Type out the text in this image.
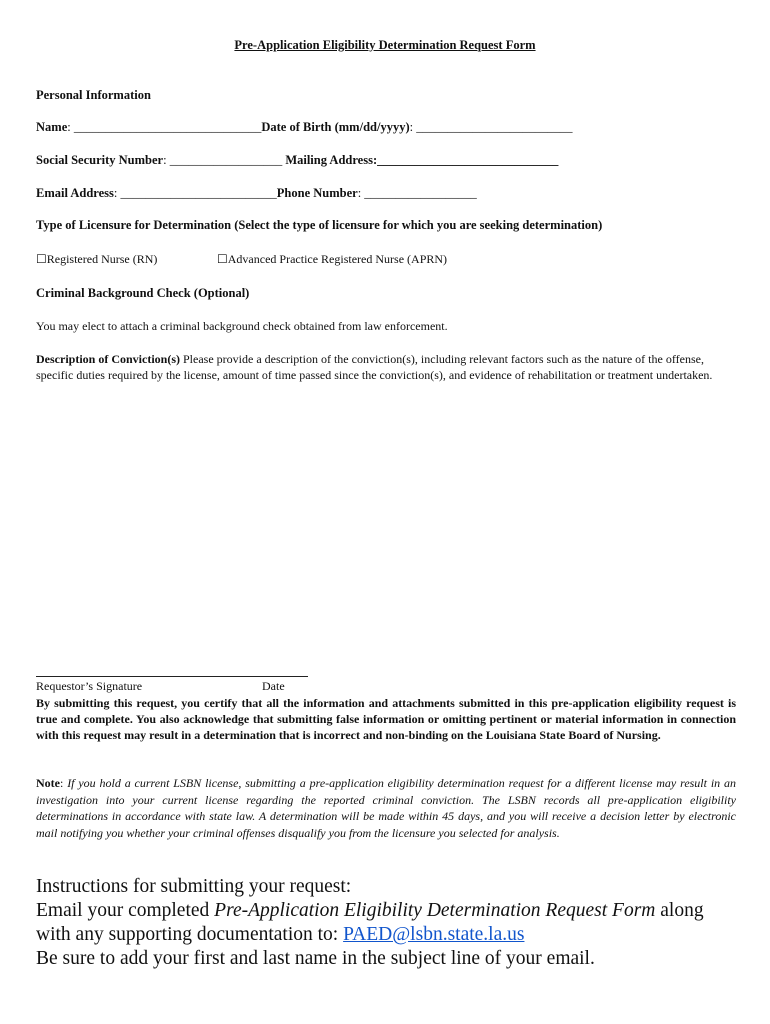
Pre-Application Eligibility Determination Request Form
Personal Information
Name: ______________________________Date of Birth (mm/dd/yyyy): _________________________
Social Security Number: __________________ Mailing Address:_____________________________
Email Address: _________________________Phone Number: __________________
Type of Licensure for Determination (Select the type of licensure for which you are seeking determination)
☐Registered Nurse (RN)	☐Advanced Practice Registered Nurse (APRN)
Criminal Background Check (Optional)
You may elect to attach a criminal background check obtained from law enforcement.
Description of Conviction(s) Please provide a description of the conviction(s), including relevant factors such as the nature of the offense, specific duties required by the license, amount of time passed since the conviction(s), and evidence of rehabilitation or treatment undertaken.
Requestor’s Signature	Date
By submitting this request, you certify that all the information and attachments submitted in this pre-application eligibility request is true and complete. You also acknowledge that submitting false information or omitting pertinent or material information in connection with this request may result in a determination that is incorrect and non-binding on the Louisiana State Board of Nursing.
Note: If you hold a current LSBN license, submitting a pre-application eligibility determination request for a different license may result in an investigation into your current license regarding the reported criminal conviction. The LSBN records all pre-application eligibility determinations in accordance with state law. A determination will be made within 45 days, and you will receive a decision letter by electronic mail notifying you whether your criminal offenses disqualify you from the licensure you selected for analysis.
Instructions for submitting your request:
Email your completed Pre-Application Eligibility Determination Request Form along
with any supporting documentation to: PAED@lsbn.state.la.us
Be sure to add your first and last name in the subject line of your email.
